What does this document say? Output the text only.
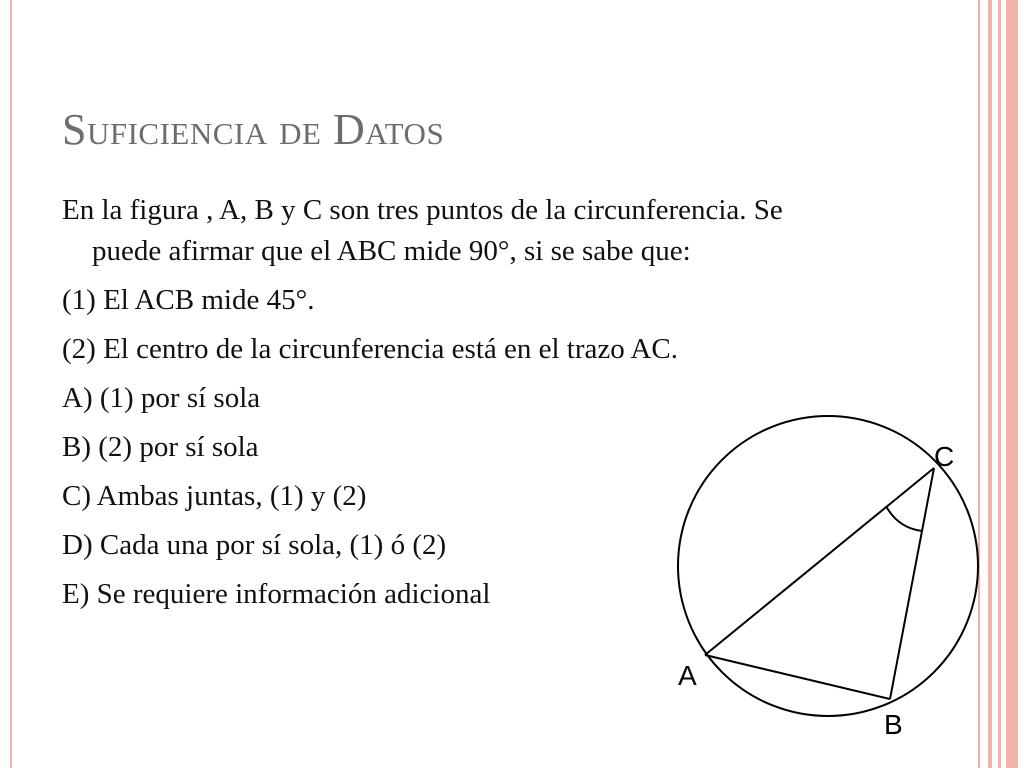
Suficiencia de Datos

En la figura , A, B y C son tres puntos de la circunferencia. Se puede afirmar que el ABC mide 90°, si se sabe que:

(1) El ACB mide 45°.

(2) El centro de la circunferencia está en el trazo AC.

A) (1) por sí sola

B) (2) por sí sola

C) Ambas juntas, (1) y (2)

D) Cada una por sí sola, (1) ó (2)

E) Se requiere información adicional

C
A
B
